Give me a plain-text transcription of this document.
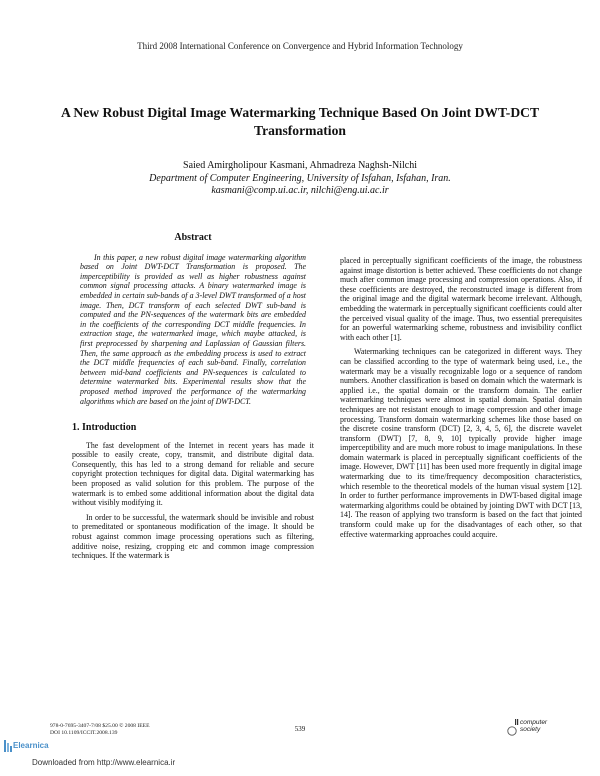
Third 2008 International Conference on Convergence and Hybrid Information Technology
A New Robust Digital Image Watermarking Technique Based On Joint DWT-DCT Transformation
Saied Amirgholipour Kasmani, Ahmadreza Naghsh-Nilchi
Department of Computer Engineering, University of Isfahan, Isfahan, Iran.
kasmani@comp.ui.ac.ir, nilchi@eng.ui.ac.ir
Abstract

In this paper, a new robust digital image watermarking algorithm based on Joint DWT-DCT Transformation is proposed. The imperceptibility is provided as well as higher robustness against common signal processing attacks. A binary watermarked image is embedded in certain sub-bands of a 3-level DWT transformed of a host image. Then, DCT transform of each selected DWT sub-band is computed and the PN-sequences of the watermark bits are embedded in the coefficients of the corresponding DCT middle frequencies. In extraction stage, the watermarked image, which maybe attacked, is first preprocessed by sharpening and Laplassian of Gaussian filters. Then, the same approach as the embedding process is used to extract the DCT middle frequencies of each sub-band. Finally, correlation between mid-band coefficients and PN-sequences is calculated to determine watermarked bits. Experimental results show that the proposed method improved the performance of the watermarking algorithms which are based on the joint of DWT-DCT.

1. Introduction

The fast development of the Internet in recent years has made it possible to easily create, copy, transmit, and distribute digital data. Consequently, this has led to a strong demand for reliable and secure copyright protection techniques for digital data. Digital watermarking has been proposed as valid solution for this problem. The purpose of the watermark is to embed some additional information about the digital data without visibly modifying it.

In order to be successful, the watermark should be invisible and robust to premeditated or spontaneous modification of the image. It should be robust against common image processing operations such as filtering, additive noise, resizing, cropping etc and common image compression techniques. If the watermark is

placed in perceptually significant coefficients of the image, the robustness against image distortion is better achieved. These coefficients do not change much after common image processing and compression operations. Also, if these coefficients are destroyed, the reconstructed image is different from the original image and the digital watermark become irrelevant. Although, embedding the watermark in perceptually significant coefficients could alter the perceived visual quality of the image. Thus, two essential prerequisites for an powerful watermarking scheme, robustness and invisibility conflict with each other [1].

Watermarking techniques can be categorized in different ways. They can be classified according to the type of watermark being used, i.e., the watermark may be a visually recognizable logo or a sequence of random numbers. Another classification is based on domain which the watermark is applied i.e., the spatial domain or the transform domain. The earlier watermarking techniques were almost in spatial domain. Spatial domain techniques are not resistant enough to image compression and other image processing. Transform domain watermarking schemes like those based on the discrete cosine transform (DCT) [2, 3, 4, 5, 6], the discrete wavelet transform (DWT) [7, 8, 9, 10] typically provide higher image imperceptibility and are much more robust to image manipulations. In these domain watermark is placed in perceptually significant coefficients of the image. However, DWT [11] has been used more frequently in digital image watermarking due to its time/frequency decomposition characteristics, which resemble to the theoretical models of the human visual system [12]. In order to further performance improvements in DWT-based digital image watermarking algorithms could be obtained by jointing DWT with DCT [13, 14]. The reason of applying two transform is based on the fact that jointed transform could make up for the disadvantages of each other, so that effective watermarking approaches could acquire.

978-0-7695-3407-7/08 $25.00 © 2008 IEEE
DOI 10.1109/ICCIT.2008.139	539
computer
society
Elearnica
Downloaded from http://www.elearnica.ir
